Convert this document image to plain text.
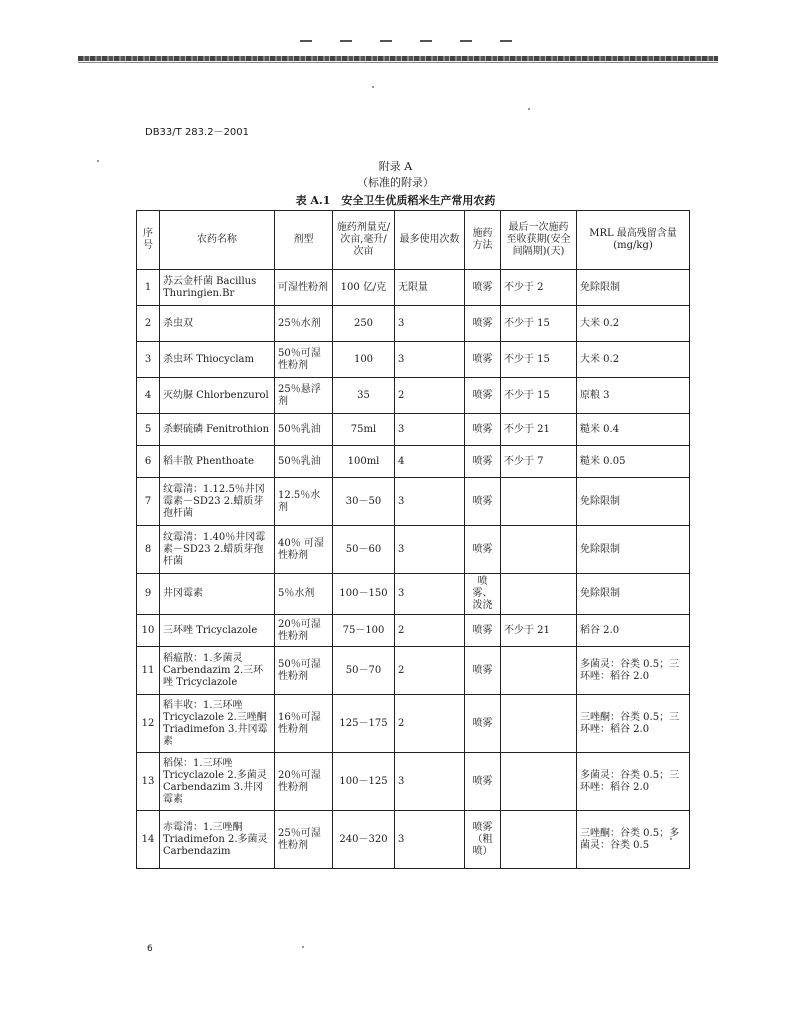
DB33/T 283.2－2001
附录 A
（标准的附录）
表 A.1　安全卫生优质稻米生产常用农药
序号	农药名称	剂型	施药剂量克/次亩,毫升/次亩	最多使用次数	施药方法	最后一次施药至收获期(安全间隔期)(天)	MRL 最高残留含量(mg/kg)
1	苏云金杆菌 Bacillus Thuringien.Br	可湿性粉剂	100 亿/克	无限量	喷雾	不少于 2	免除限制
2	杀虫双	25％水剂	250	3	喷雾	不少于 15	大米 0.2
3	杀虫环 Thiocyclam	50％可湿性粉剂	100	3	喷雾	不少于 15	大米 0.2
4	灭幼脲 Chlorbenzurol	25％悬浮剂	35	2	喷雾	不少于 15	原粮 3
5	杀螟硫磷 Fenitrothion	50％乳油	75ml	3	喷雾	不少于 21	糙米 0.4
6	稻丰散 Phenthoate	50％乳油	100ml	4	喷雾	不少于 7	糙米 0.05
7	纹霉清：1.12.5％井冈霉素－SD23 2.蜡质芽孢杆菌	12.5％水剂	30－50	3	喷雾		免除限制
8	纹霉清：1.40％井冈霉素－SD23 2.蜡质芽孢杆菌	40％ 可湿性粉剂	50－60	3	喷雾		免除限制
9	井冈霉素	5％水剂	100－150	3	喷雾、泼浇		免除限制
10	三环唑 Tricyclazole	20％可湿性粉剂	75－100	2	喷雾	不少于 21	稻谷 2.0
11	稻瘟散：1.多菌灵 Carbendazim 2.三环唑 Tricyclazole	50％可湿性粉剂	50－70	2	喷雾		多菌灵：谷类 0.5；三环唑：稻谷 2.0
12	稻丰收：1.三环唑 Tricyclazole 2.三唑酮 Triadimefon 3.井冈霉素	16％可湿性粉剂	125－175	2	喷雾		三唑酮：谷类 0.5；三环唑：稻谷 2.0
13	稻保：1.三环唑 Tricyclazole 2.多菌灵 Carbendazim 3.井冈霉素	20％可湿性粉剂	100－125	3	喷雾		多菌灵：谷类 0.5；三环唑：稻谷 2.0
14	赤霉清：1.三唑酮 Triadimefon 2.多菌灵 Carbendazim	25％可湿性粉剂	240－320	3	喷雾（粗喷）		三唑酮：谷类 0.5；多菌灵：谷类 0.5
6
